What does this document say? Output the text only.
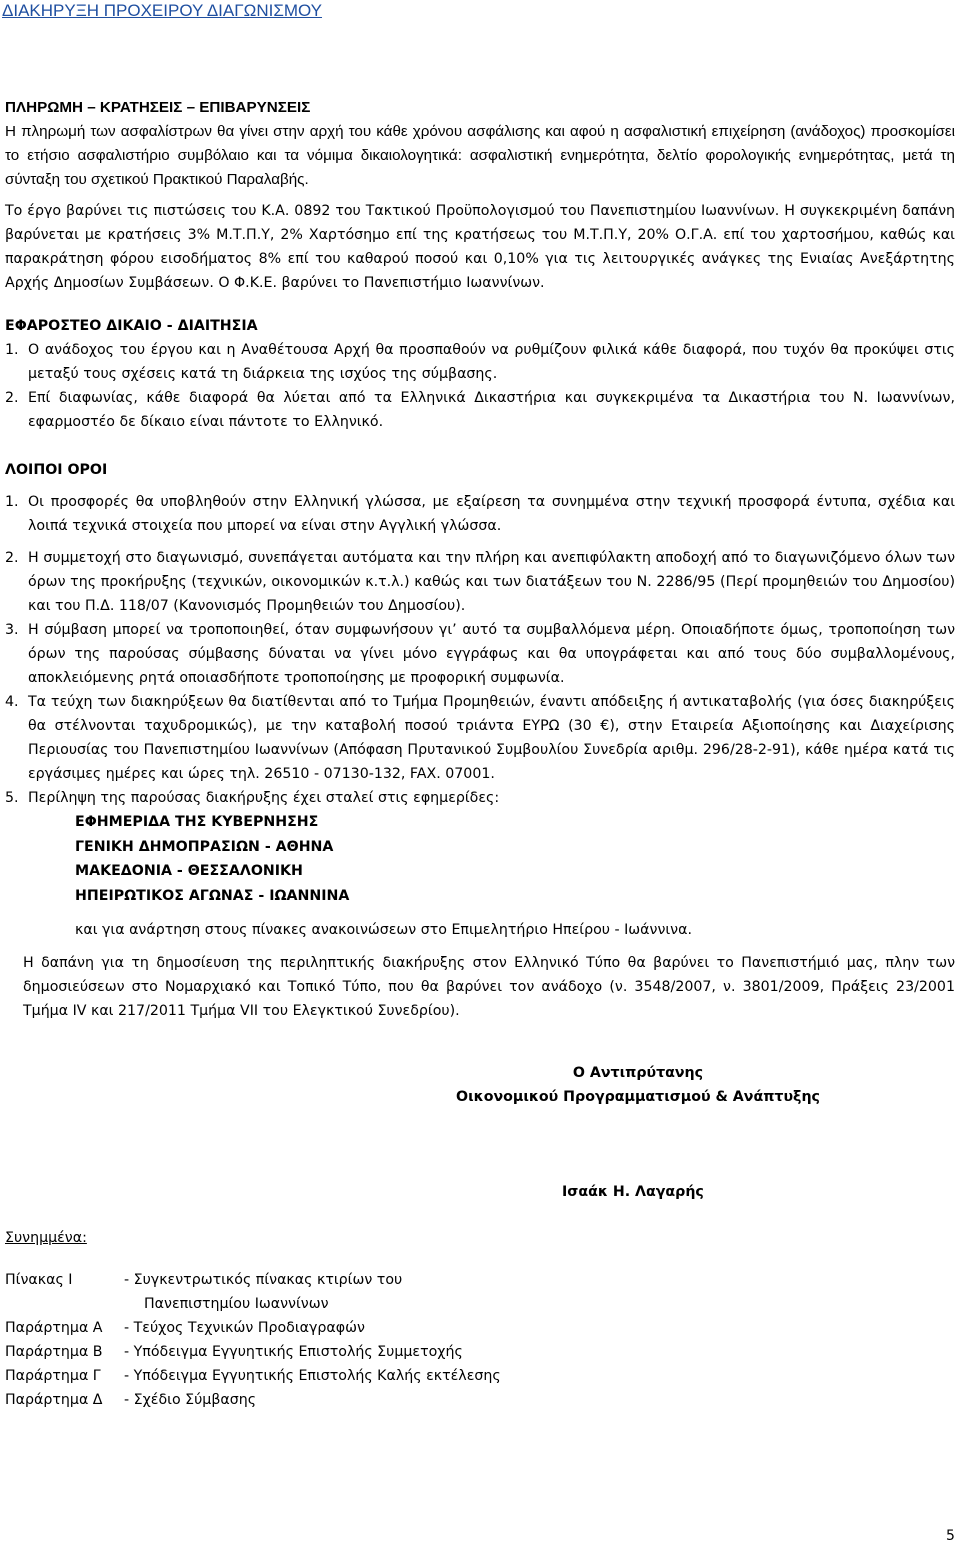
ΔΙΑΚΗΡΥΞΗ ΠΡΟΧΕΙΡΟΥ ΔΙΑΓΩΝΙΣΜΟΥ

ΠΛΗΡΩΜΗ – ΚΡΑΤΗΣΕΙΣ – ΕΠΙΒΑΡΥΝΣΕΙΣ

Η πληρωμή των ασφαλίστρων θα γίνει στην αρχή του κάθε χρόνου ασφάλισης και αφού η ασφαλιστική επιχείρηση (ανάδοχος) προσκομίσει το ετήσιο ασφαλιστήριο συμβόλαιο και τα νόμιμα δικαιολογητικά: ασφαλιστική ενημερότητα, δελτίο φορολογικής ενημερότητας, μετά τη σύνταξη του σχετικού Πρακτικού Παραλαβής.

Το έργο βαρύνει τις πιστώσεις του Κ.Α. 0892 του Τακτικού Προϋπολογισμού του Πανεπιστημίου Ιωαννίνων. Η συγκεκριμένη δαπάνη βαρύνεται με κρατήσεις 3% Μ.Τ.Π.Υ, 2% Χαρτόσημο επί της κρατήσεως του Μ.Τ.Π.Υ, 20% Ο.Γ.Α. επί του χαρτοσήμου, καθώς και παρακράτηση φόρου εισοδήματος 8% επί του καθαρού ποσού και 0,10% για τις λειτουργικές ανάγκες της Ενιαίας Ανεξάρτητης Αρχής Δημοσίων Συμβάσεων. Ο Φ.Κ.Ε. βαρύνει το Πανεπιστήμιο Ιωαννίνων.

ΕΦΑΡΟΣΤΕΟ ΔΙΚΑΙΟ - ΔΙΑΙΤΗΣΙΑ

1. Ο ανάδοχος του έργου και η Αναθέτουσα Αρχή θα προσπαθούν να ρυθμίζουν φιλικά κάθε διαφορά, που τυχόν θα προκύψει στις μεταξύ τους σχέσεις κατά τη διάρκεια της ισχύος της σύμβασης.
2. Επί διαφωνίας, κάθε διαφορά θα λύεται από τα Ελληνικά Δικαστήρια και συγκεκριμένα τα Δικαστήρια του Ν. Ιωαννίνων, εφαρμοστέο δε δίκαιο είναι πάντοτε το Ελληνικό.

ΛΟΙΠΟΙ ΟΡΟΙ

1. Οι προσφορές θα υποβληθούν στην Ελληνική γλώσσα, με εξαίρεση τα συνημμένα στην τεχνική προσφορά έντυπα, σχέδια και λοιπά τεχνικά στοιχεία που μπορεί να είναι στην Αγγλική γλώσσα.
2. Η συμμετοχή στο διαγωνισμό, συνεπάγεται αυτόματα και την πλήρη και ανεπιφύλακτη αποδοχή από το διαγωνιζόμενο όλων των όρων της προκήρυξης (τεχνικών, οικονομικών κ.τ.λ.) καθώς και των διατάξεων του Ν. 2286/95 (Περί προμηθειών του Δημοσίου) και του Π.Δ. 118/07 (Κανονισμός Προμηθειών του Δημοσίου).
3. Η σύμβαση μπορεί να τροποποιηθεί, όταν συμφωνήσουν γι’ αυτό τα συμβαλλόμενα μέρη. Οποιαδήποτε όμως, τροποποίηση των όρων της παρούσας σύμβασης δύναται να γίνει μόνο εγγράφως και θα υπογράφεται και από τους δύο συμβαλλομένους, αποκλειόμενης ρητά οποιασδήποτε τροποποίησης με προφορική συμφωνία.
4. Τα τεύχη των διακηρύξεων θα διατίθενται από το Τμήμα Προμηθειών, έναντι απόδειξης ή αντικαταβολής (για όσες διακηρύξεις θα στέλνονται ταχυδρομικώς), με την καταβολή ποσού τριάντα ΕΥΡΩ (30 €), στην Εταιρεία Αξιοποίησης και Διαχείρισης Περιουσίας του Πανεπιστημίου Ιωαννίνων (Απόφαση Πρυτανικού Συμβουλίου Συνεδρία αριθμ. 296/28-2-91), κάθε ημέρα κατά τις εργάσιμες ημέρες και ώρες τηλ. 26510 - 07130-132, FAX. 07001.
5. Περίληψη της παρούσας διακήρυξης έχει σταλεί στις εφημερίδες:
ΕΦΗΜΕΡΙΔΑ ΤΗΣ ΚΥΒΕΡΝΗΣΗΣ
ΓΕΝΙΚΗ ΔΗΜΟΠΡΑΣΙΩΝ - ΑΘΗΝΑ
ΜΑΚΕΔΟΝΙΑ - ΘΕΣΣΑΛΟΝΙΚΗ
ΗΠΕΙΡΩΤΙΚΟΣ ΑΓΩΝΑΣ - ΙΩΑΝΝΙΝΑ
και για ανάρτηση στους πίνακες ανακοινώσεων στο Επιμελητήριο Ηπείρου - Ιωάννινα.
Η δαπάνη για τη δημοσίευση της περιληπτικής διακήρυξης στον Ελληνικό Τύπο θα βαρύνει το Πανεπιστήμιό μας, πλην των δημοσιεύσεων στο Νομαρχιακό και Τοπικό Τύπο, που θα βαρύνει τον ανάδοχο (ν. 3548/2007, ν. 3801/2009, Πράξεις 23/2001 Τμήμα IV και 217/2011 Τμήμα VII του Ελεγκτικού Συνεδρίου).
Ο Αντιπρύτανης
Οικονομικού Προγραμματισμού & Ανάπτυξης
Ισαάκ Η. Λαγαρής
Συνημμένα:
Πίνακας Ι	- Συγκεντρωτικός πίνακας κτιρίων του
Πανεπιστημίου Ιωαννίνων
Παράρτημα Α	- Τεύχος Τεχνικών Προδιαγραφών
Παράρτημα Β	- Υπόδειγμα Εγγυητικής Επιστολής Συμμετοχής
Παράρτημα Γ	- Υπόδειγμα Εγγυητικής Επιστολής Καλής εκτέλεσης
Παράρτημα Δ	- Σχέδιο Σύμβασης
5
